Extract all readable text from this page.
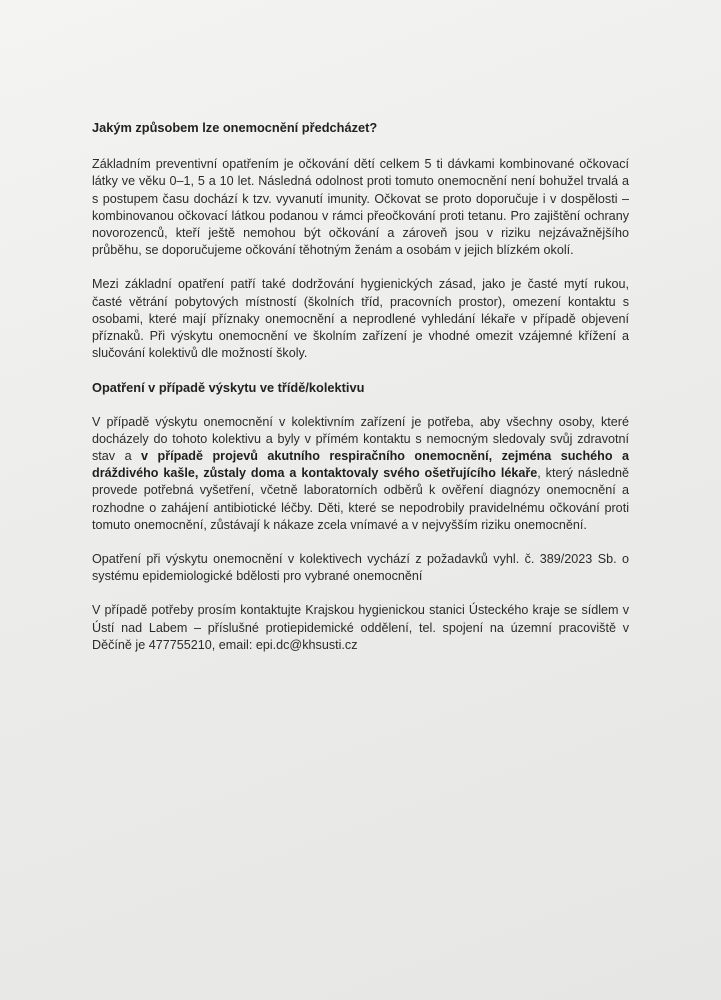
Jakým způsobem lze onemocnění předcházet?

Základním preventivní opatřením je očkování dětí celkem 5 ti dávkami kombinované očkovací látky ve věku 0–1, 5 a 10 let. Následná odolnost proti tomuto onemocnění není bohužel trvalá a s postupem času dochází k tzv. vyvanutí imunity. Očkovat se proto doporučuje i v dospělosti – kombinovanou očkovací látkou podanou v rámci přeočkování proti tetanu. Pro zajištění ochrany novorozenců, kteří ještě nemohou být očkování a zároveň jsou v riziku nejzávažnějšího průběhu, se doporučujeme očkování těhotným ženám a osobám v jejich blízkém okolí.

Mezi základní opatření patří také dodržování hygienických zásad, jako je časté mytí rukou, časté větrání pobytových místností (školních tříd, pracovních prostor), omezení kontaktu s osobami, které mají příznaky onemocnění a neprodlené vyhledání lékaře v případě objevení příznaků. Při výskytu onemocnění ve školním zařízení je vhodné omezit vzájemné křížení a slučování kolektivů dle možností školy.

Opatření v případě výskytu ve třídě/kolektivu

V případě výskytu onemocnění v kolektivním zařízení je potřeba, aby všechny osoby, které docházely do tohoto kolektivu a byly v přímém kontaktu s nemocným sledovaly svůj zdravotní stav a v případě projevů akutního respiračního onemocnění, zejména suchého a dráždivého kašle, zůstaly doma a kontaktovaly svého ošetřujícího lékaře, který následně provede potřebná vyšetření, včetně laboratorních odběrů k ověření diagnózy onemocnění a rozhodne o zahájení antibiotické léčby. Děti, které se nepodrobily pravidelnému očkování proti tomuto onemocnění, zůstávají k nákaze zcela vnímavé a v nejvyšším riziku onemocnění.

Opatření při výskytu onemocnění v kolektivech vychází z požadavků vyhl. č. 389/2023 Sb. o systému epidemiologické bdělosti pro vybrané onemocnění

V případě potřeby prosím kontaktujte Krajskou hygienickou stanici Ústeckého kraje se sídlem v Ústí nad Labem – příslušné protiepidemické oddělení, tel. spojení na územní pracoviště v Děčíně je 477755210, email: epi.dc@khsusti.cz
